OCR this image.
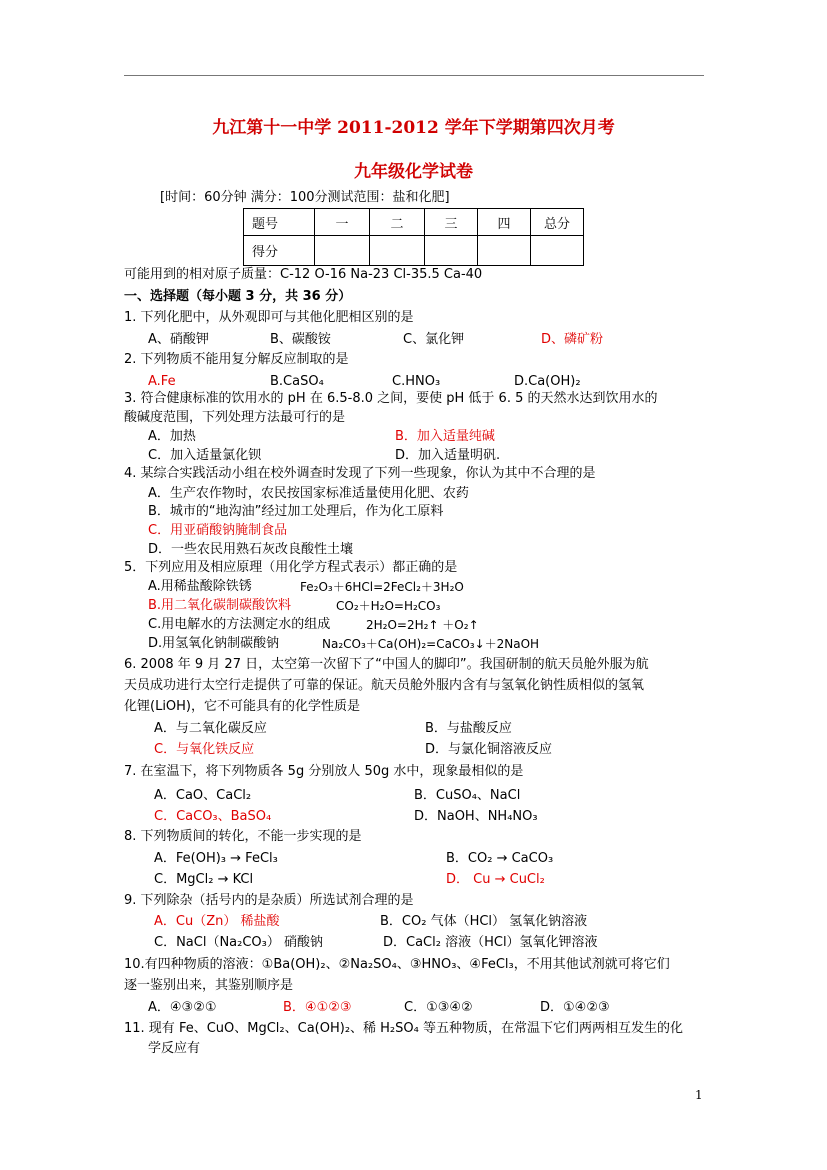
九江第十一中学 2011-2012 学年下学期第四次月考
九年级化学试卷
[时间：60分钟 满分：100分测试范围：盐和化肥]
题号	一	二	三	四	总分
得分					
可能用到的相对原子质量：C-12 O-16 Na-23 Cl-35.5 Ca-40
一、选择题（每小题 3 分，共 36 分）
1. 下列化肥中，从外观即可与其他化肥相区别的是
A、硝酸钾	B、碳酸铵	C、氯化钾	D、磷矿粉
2. 下列物质不能用复分解反应制取的是
A.Fe	B.CaSO₄	C.HNO₃	D.Ca(OH)₂
3. 符合健康标准的饮用水的 pH 在 6.5-8.0 之间，要使 pH 低于 6. 5 的天然水达到饮用水的
酸碱度范围，下列处理方法最可行的是
A．加热	B．加入适量纯碱
C．加入适量氯化钡	D．加入适量明矾.
4. 某综合实践活动小组在校外调查时发现了下列一些现象，你认为其中不合理的是
A．生产农作物时，农民按国家标准适量使用化肥、农药
B．城市的“地沟油”经过加工处理后，作为化工原料
C．用亚硝酸钠腌制食品
D．一些农民用熟石灰改良酸性土壤
5．下列应用及相应原理（用化学方程式表示）都正确的是
A.用稀盐酸除铁锈	Fe₂O₃＋6HCl=2FeCl₂＋3H₂O
B.用二氧化碳制碳酸饮料	CO₂＋H₂O=H₂CO₃
C.用电解水的方法测定水的组成	2H₂O=2H₂↑ ＋O₂↑
D.用氢氧化钠制碳酸钠	Na₂CO₃＋Ca(OH)₂=CaCO₃↓＋2NaOH
6. 2008 年 9 月 27 日，太空第一次留下了“中国人的脚印”。我国研制的航天员舱外服为航
天员成功进行太空行走提供了可靠的保证。航天员舱外服内含有与氢氧化钠性质相似的氢氧
化锂(LiOH)，它不可能具有的化学性质是
A．与二氧化碳反应	B．与盐酸反应
C．与氧化铁反应	D．与氯化铜溶液反应
7. 在室温下，将下列物质各 5g 分别放人 50g 水中，现象最相似的是
A．CaO、CaCl₂	B．CuSO₄、NaCl
C．CaCO₃、BaSO₄	D．NaOH、NH₄NO₃
8. 下列物质间的转化，不能一步实现的是
A．Fe(OH)₃ → FeCl₃	B．CO₂ → CaCO₃
C．MgCl₂ → KCl	D． Cu → CuCl₂
9. 下列除杂（括号内的是杂质）所选试剂合理的是
A．Cu（Zn） 稀盐酸	B．CO₂ 气体（HCl） 氢氧化钠溶液
C．NaCl（Na₂CO₃） 硝酸钠	D．CaCl₂ 溶液（HCl）氢氧化钾溶液
10.有四种物质的溶液：①Ba(OH)₂、②Na₂SO₄、③HNO₃、④FeCl₃，不用其他试剂就可将它们
逐一鉴别出来，其鉴别顺序是
A．④③②①	B．④①②③	C．①③④②	D．①④②③
11. 现有 Fe、CuO、MgCl₂、Ca(OH)₂、稀 H₂SO₄ 等五种物质，在常温下它们两两相互发生的化
学反应有
1
